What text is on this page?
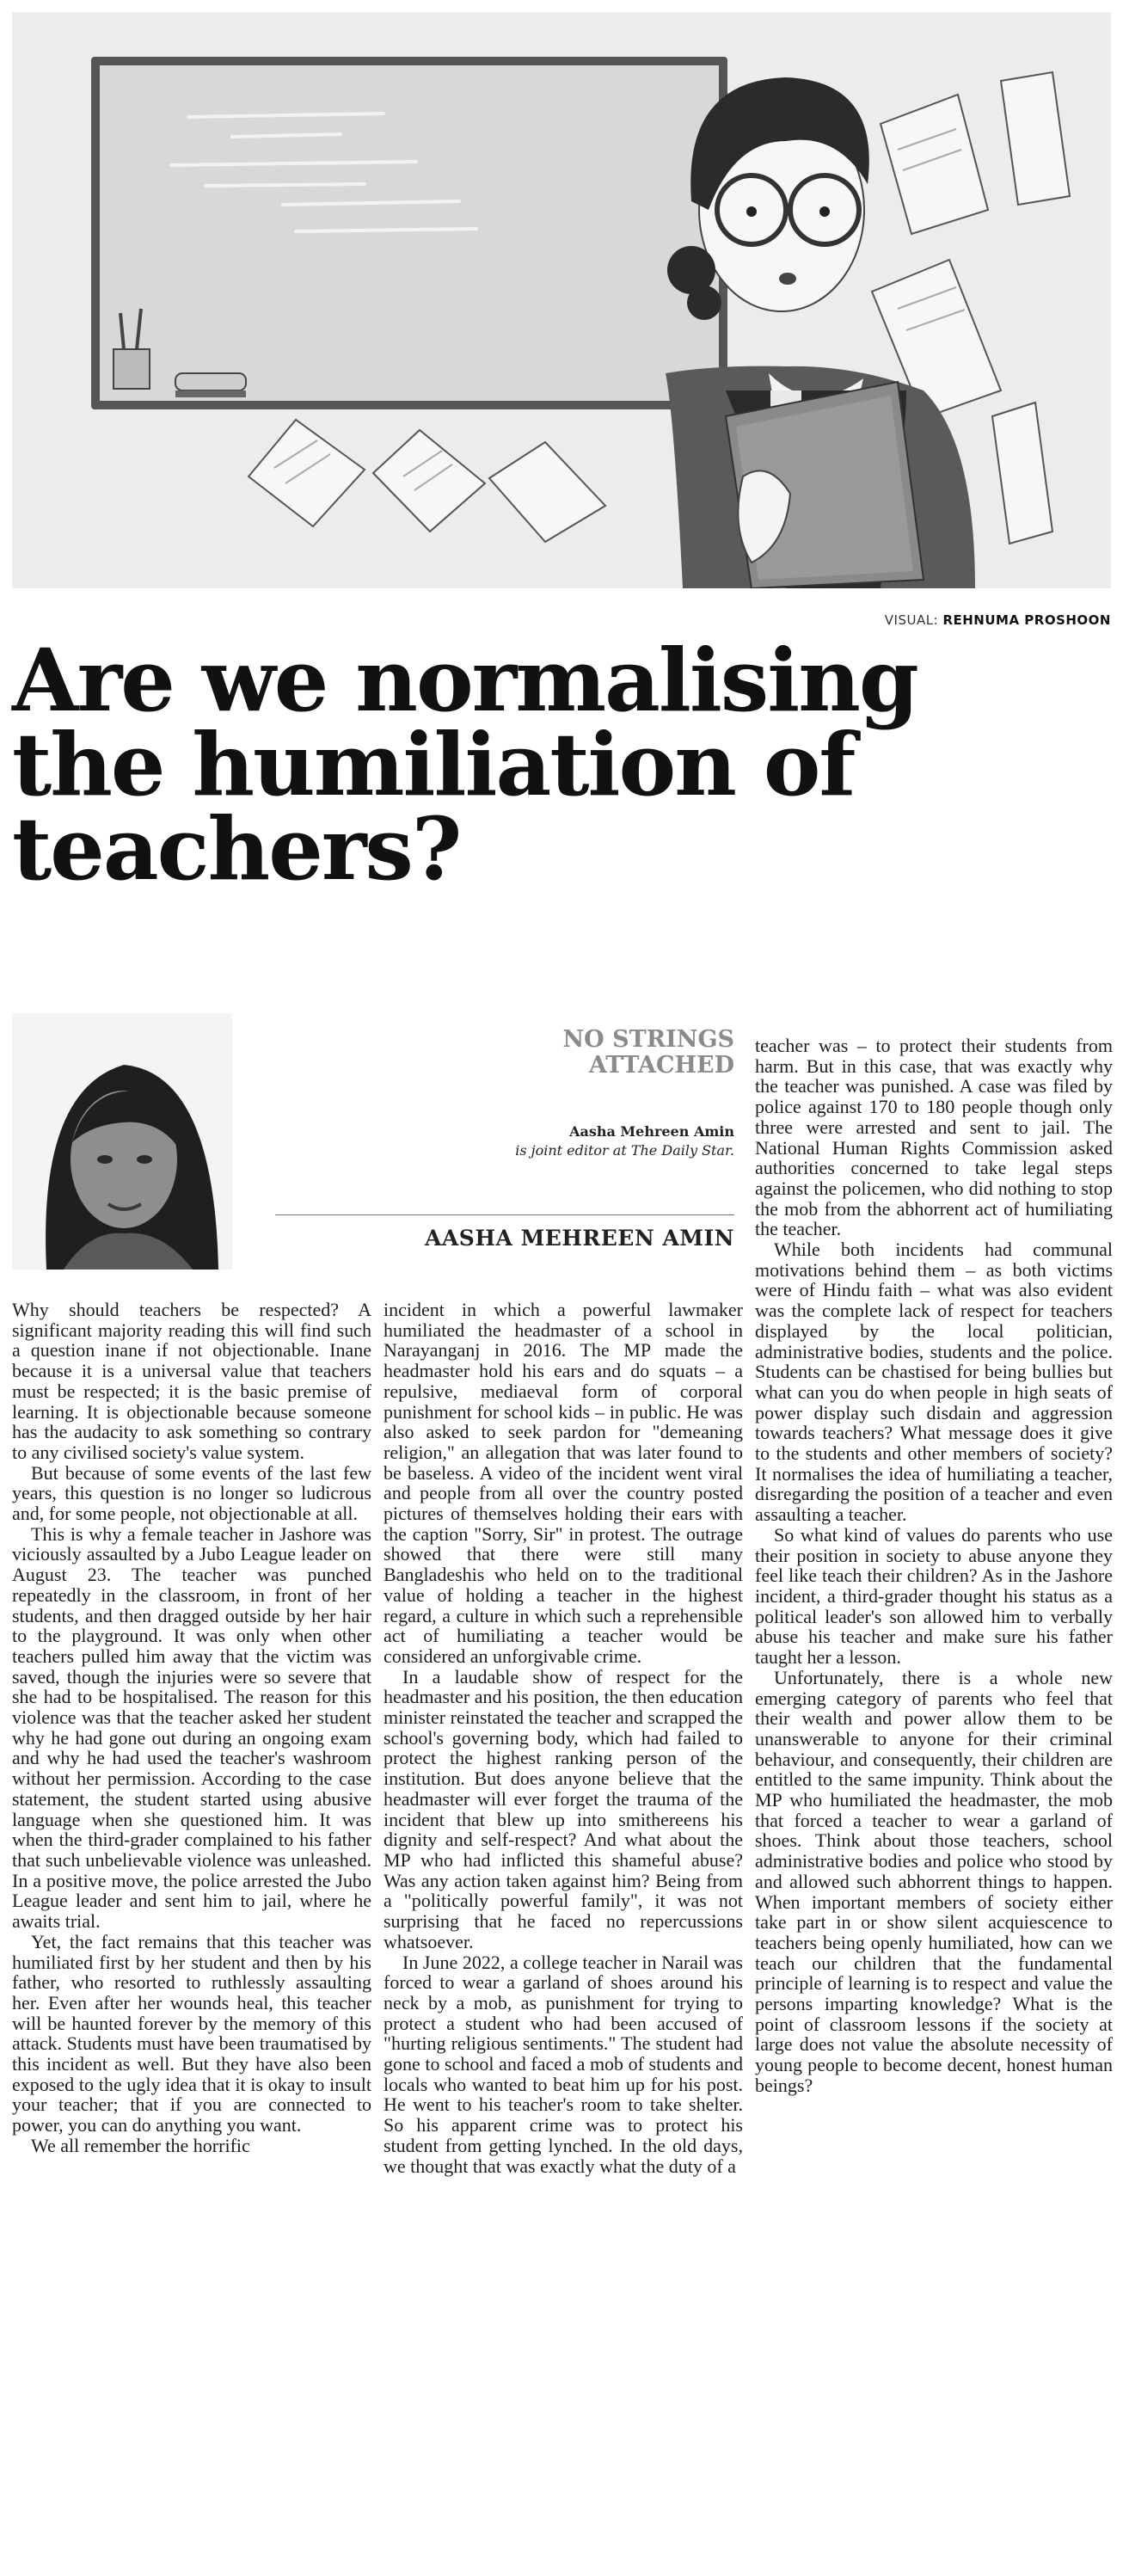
VISUAL: REHNUMA PROSHOON
Are we normalising
the humiliation of
teachers?
NO STRINGS
ATTACHED
Aasha Mehreen Amin
is joint editor at The Daily Star.
AASHA MEHREEN AMIN

Why should teachers be respected? A significant majority reading this will find such a question inane if not objectionable. Inane because it is a universal value that teachers must be respected; it is the basic premise of learning. It is objectionable because someone has the audacity to ask something so contrary to any civilised society's value system.

But because of some events of the last few years, this question is no longer so ludicrous and, for some people, not objectionable at all.

This is why a female teacher in Jashore was viciously assaulted by a Jubo League leader on August 23. The teacher was punched repeatedly in the classroom, in front of her students, and then dragged outside by her hair to the playground. It was only when other teachers pulled him away that the victim was saved, though the injuries were so severe that she had to be hospitalised. The reason for this violence was that the teacher asked her student why he had gone out during an ongoing exam and why he had used the teacher's washroom without her permission. According to the case statement, the student started using abusive language when she questioned him. It was when the third-grader complained to his father that such unbelievable violence was unleashed. In a positive move, the police arrested the Jubo League leader and sent him to jail, where he awaits trial.

Yet, the fact remains that this teacher was humiliated first by her student and then by his father, who resorted to ruthlessly assaulting her. Even after her wounds heal, this teacher will be haunted forever by the memory of this attack. Students must have been traumatised by this incident as well. But they have also been exposed to the ugly idea that it is okay to insult your teacher; that if you are connected to power, you can do anything you want.

We all remember the horrific

incident in which a powerful lawmaker humiliated the headmaster of a school in Narayanganj in 2016. The MP made the headmaster hold his ears and do squats – a repulsive, mediaeval form of corporal punishment for school kids – in public. He was also asked to seek pardon for "demeaning religion," an allegation that was later found to be baseless. A video of the incident went viral and people from all over the country posted pictures of themselves holding their ears with the caption "Sorry, Sir" in protest. The outrage showed that there were still many Bangladeshis who held on to the traditional value of holding a teacher in the highest regard, a culture in which such a reprehensible act of humiliating a teacher would be considered an unforgivable crime.

In a laudable show of respect for the headmaster and his position, the then education minister reinstated the teacher and scrapped the school's governing body, which had failed to protect the highest ranking person of the institution. But does anyone believe that the headmaster will ever forget the trauma of the incident that blew up into smithereens his dignity and self-respect? And what about the MP who had inflicted this shameful abuse? Was any action taken against him? Being from a "politically powerful family", it was not surprising that he faced no repercussions whatsoever.

In June 2022, a college teacher in Narail was forced to wear a garland of shoes around his neck by a mob, as punishment for trying to protect a student who had been accused of "hurting religious sentiments." The student had gone to school and faced a mob of students and locals who wanted to beat him up for his post. He went to his teacher's room to take shelter. So his apparent crime was to protect his student from getting lynched. In the old days, we thought that was exactly what the duty of a

teacher was – to protect their students from harm. But in this case, that was exactly why the teacher was punished. A case was filed by police against 170 to 180 people though only three were arrested and sent to jail. The National Human Rights Commission asked authorities concerned to take legal steps against the policemen, who did nothing to stop the mob from the abhorrent act of humiliating the teacher.

While both incidents had communal motivations behind them – as both victims were of Hindu faith – what was also evident was the complete lack of respect for teachers displayed by the local politician, administrative bodies, students and the police. Students can be chastised for being bullies but what can you do when people in high seats of power display such disdain and aggression towards teachers? What message does it give to the students and other members of society? It normalises the idea of humiliating a teacher, disregarding the position of a teacher and even assaulting a teacher.

So what kind of values do parents who use their position in society to abuse anyone they feel like teach their children? As in the Jashore incident, a third-grader thought his status as a political leader's son allowed him to verbally abuse his teacher and make sure his father taught her a lesson.

Unfortunately, there is a whole new emerging category of parents who feel that their wealth and power allow them to be unanswerable to anyone for their criminal behaviour, and consequently, their children are entitled to the same impunity. Think about the MP who humiliated the headmaster, the mob that forced a teacher to wear a garland of shoes. Think about those teachers, school administrative bodies and police who stood by and allowed such abhorrent things to happen. When important members of society either take part in or show silent acquiescence to teachers being openly humiliated, how can we teach our children that the fundamental principle of learning is to respect and value the persons imparting knowledge? What is the point of classroom lessons if the society at large does not value the absolute necessity of young people to become decent, honest human beings?
